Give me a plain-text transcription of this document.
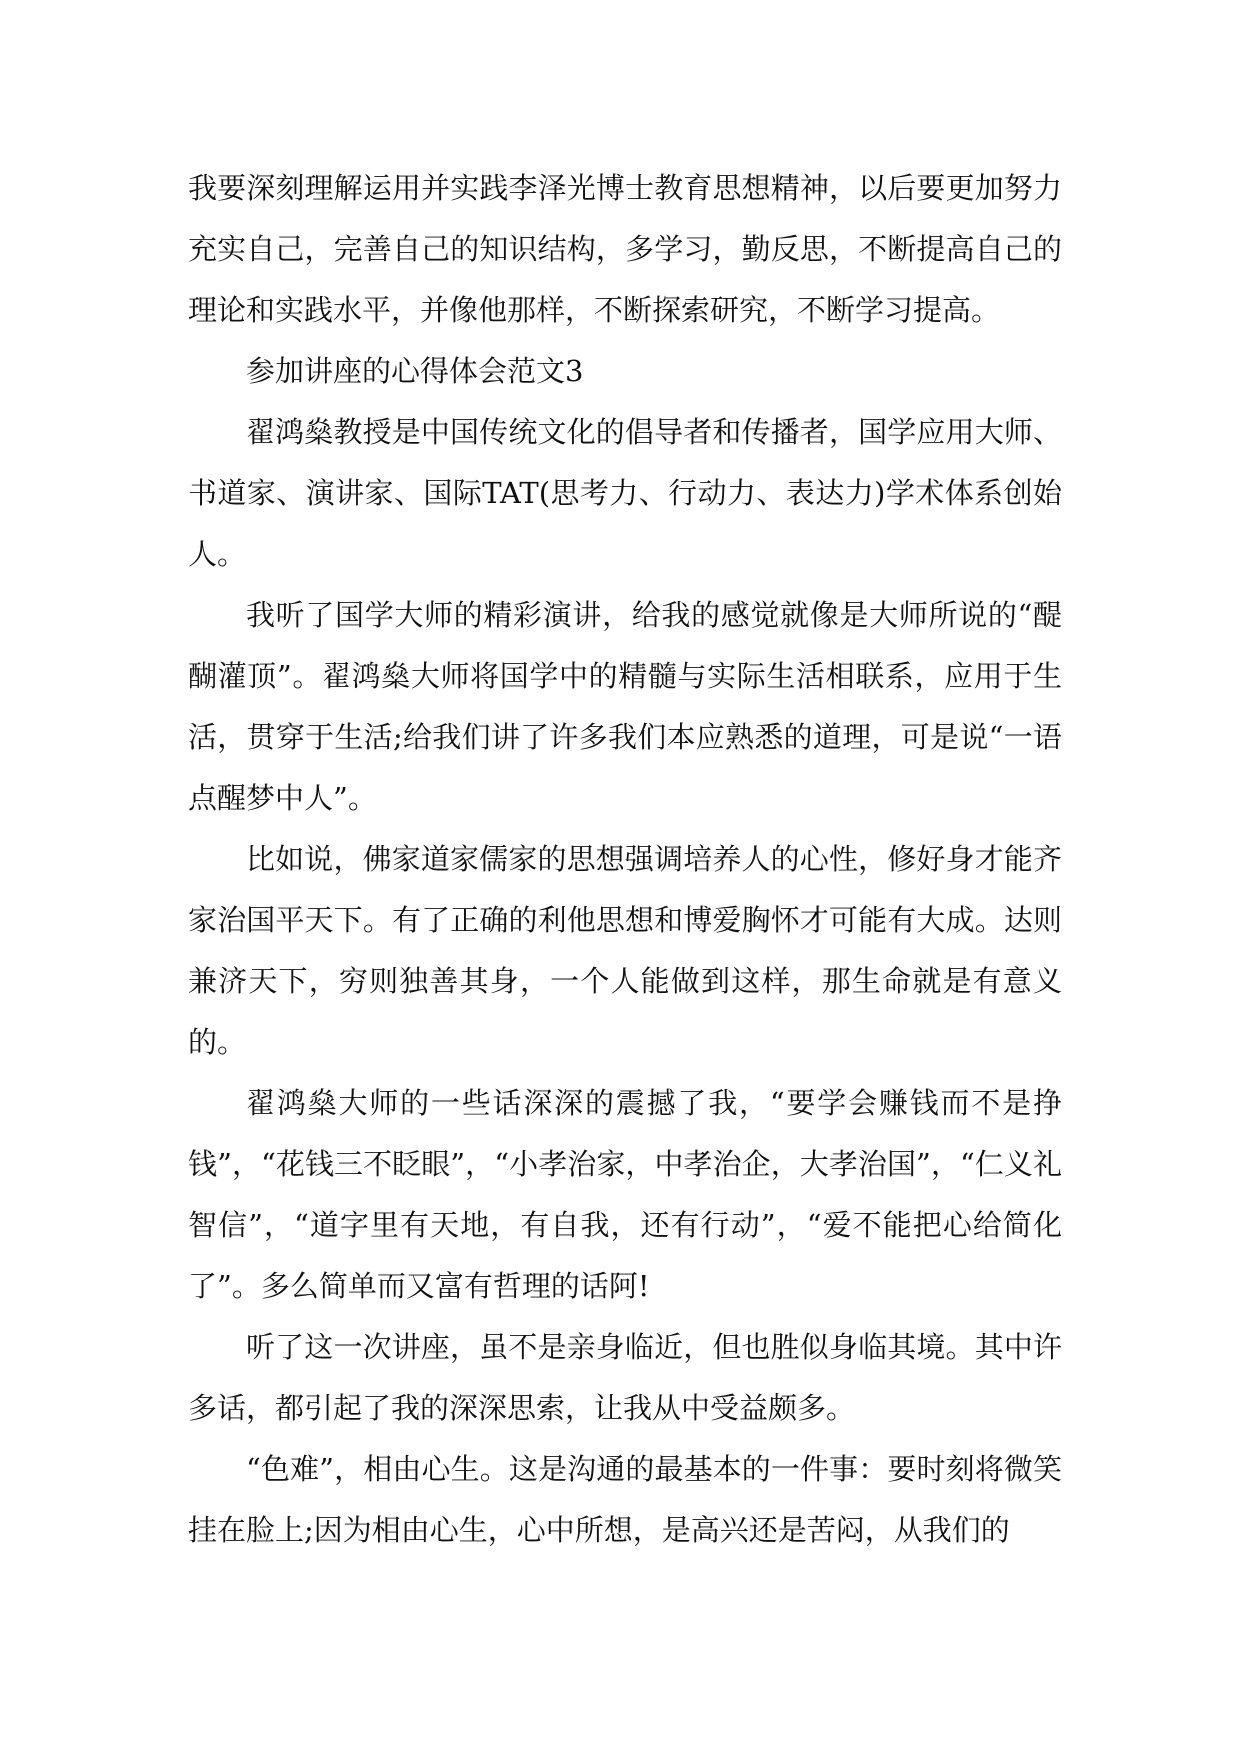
我要深刻理解运用并实践李泽光博士教育思想精神，以后要更加努力充实自己，完善自己的知识结构，多学习，勤反思，不断提高自己的理论和实践水平，并像他那样，不断探索研究，不断学习提高。

参加讲座的心得体会范文3

翟鸿燊教授是中国传统文化的倡导者和传播者，国学应用大师、书道家、演讲家、国际TAT(思考力、行动力、表达力)学术体系创始人。

我听了国学大师的精彩演讲，给我的感觉就像是大师所说的“醍醐灌顶”。翟鸿燊大师将国学中的精髓与实际生活相联系，应用于生活，贯穿于生活;给我们讲了许多我们本应熟悉的道理，可是说“一语点醒梦中人”。

比如说，佛家道家儒家的思想强调培养人的心性，修好身才能齐家治国平天下。有了正确的利他思想和博爱胸怀才可能有大成。达则兼济天下，穷则独善其身，一个人能做到这样，那生命就是有意义的。

翟鸿燊大师的一些话深深的震撼了我，“要学会赚钱而不是挣钱”，“花钱三不眨眼”，“小孝治家，中孝治企，大孝治国”，“仁义礼智信”，“道字里有天地，有自我，还有行动”，“爱不能把心给简化了”。多么简单而又富有哲理的话阿!

听了这一次讲座，虽不是亲身临近，但也胜似身临其境。其中许多话，都引起了我的深深思索，让我从中受益颇多。

“色难”，相由心生。这是沟通的最基本的一件事：要时刻将微笑挂在脸上;因为相由心生，心中所想，是高兴还是苦闷，从我们的
